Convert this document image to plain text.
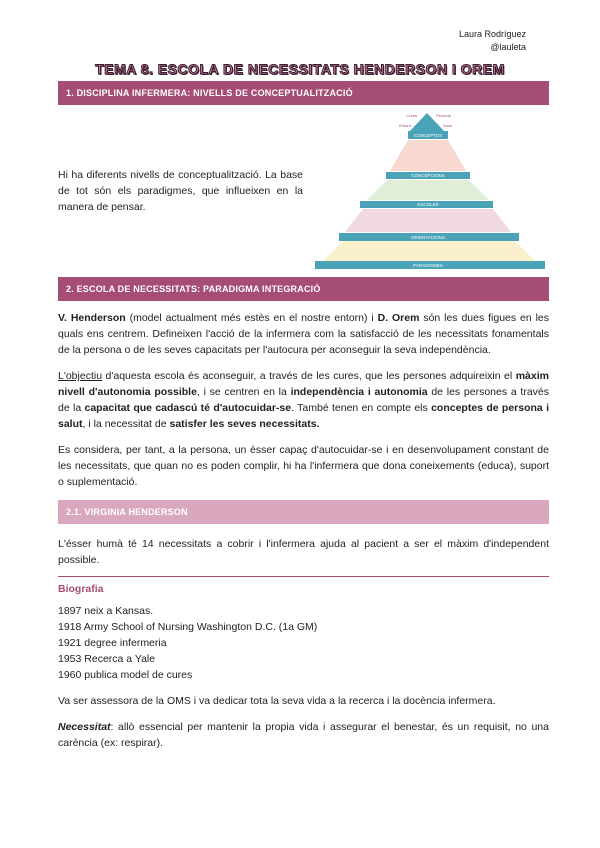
Laura Rodríguez
@lauleta
TEMA 8. ESCOLA DE NECESSITATS HENDERSON I OREM
1. DISCIPLINA INFERMERA: NIVELLS DE CONCEPTUALITZACIÓ

Hi ha diferents nivells de conceptualització. La base de tot són els paradigmes, que influeixen en la manera de pensar.

Cures	Persona
Entorn	Salut
CONCEPTES
CONCEPCIONS
ESCOLES
ORIENTACIONS
PARADIGMES
2. ESCOLA DE NECESSITATS: PARADIGMA INTEGRACIÓ

V. Henderson (model actualment més estès en el nostre entorn) i D. Orem són les dues figues en les quals ens centrem. Defineixen l'acció de la infermera com la satisfacció de les necessitats fonamentals de la persona o de les seves capacitats per l'autocura per aconseguir la seva independència.

L'objectiu d'aquesta escola és aconseguir, a través de les cures, que les persones adquireixin el màxim nivell d'autonomia possible, i se centren en la independència i autonomia de les persones a través de la capacitat que cadascú té d'autocuidar-se. També tenen en compte els conceptes de persona i salut, i la necessitat de satisfer les seves necessitats.

Es considera, per tant, a la persona, un ésser capaç d'autocuidar-se i en desenvolupament constant de les necessitats, que quan no es poden complir, hi ha l'infermera que dona coneixements (educa), suport o suplementació.

2.1. VIRGINIA HENDERSON

L'ésser humà té 14 necessitats a cobrir i l'infermera ajuda al pacient a ser el màxim d'independent possible.

Biografia
1897 neix a Kansas.
1918 Army School of Nursing Washington D.C. (1a GM)
1921 degree infermeria
1953 Recerca a Yale
1960 publica model de cures

Va ser assessora de la OMS i va dedicar tota la seva vida a la recerca i la docència infermera.

Necessitat: allò essencial per mantenir la propia vida i assegurar el benestar, és un requisit, no una carència (ex: respirar).
